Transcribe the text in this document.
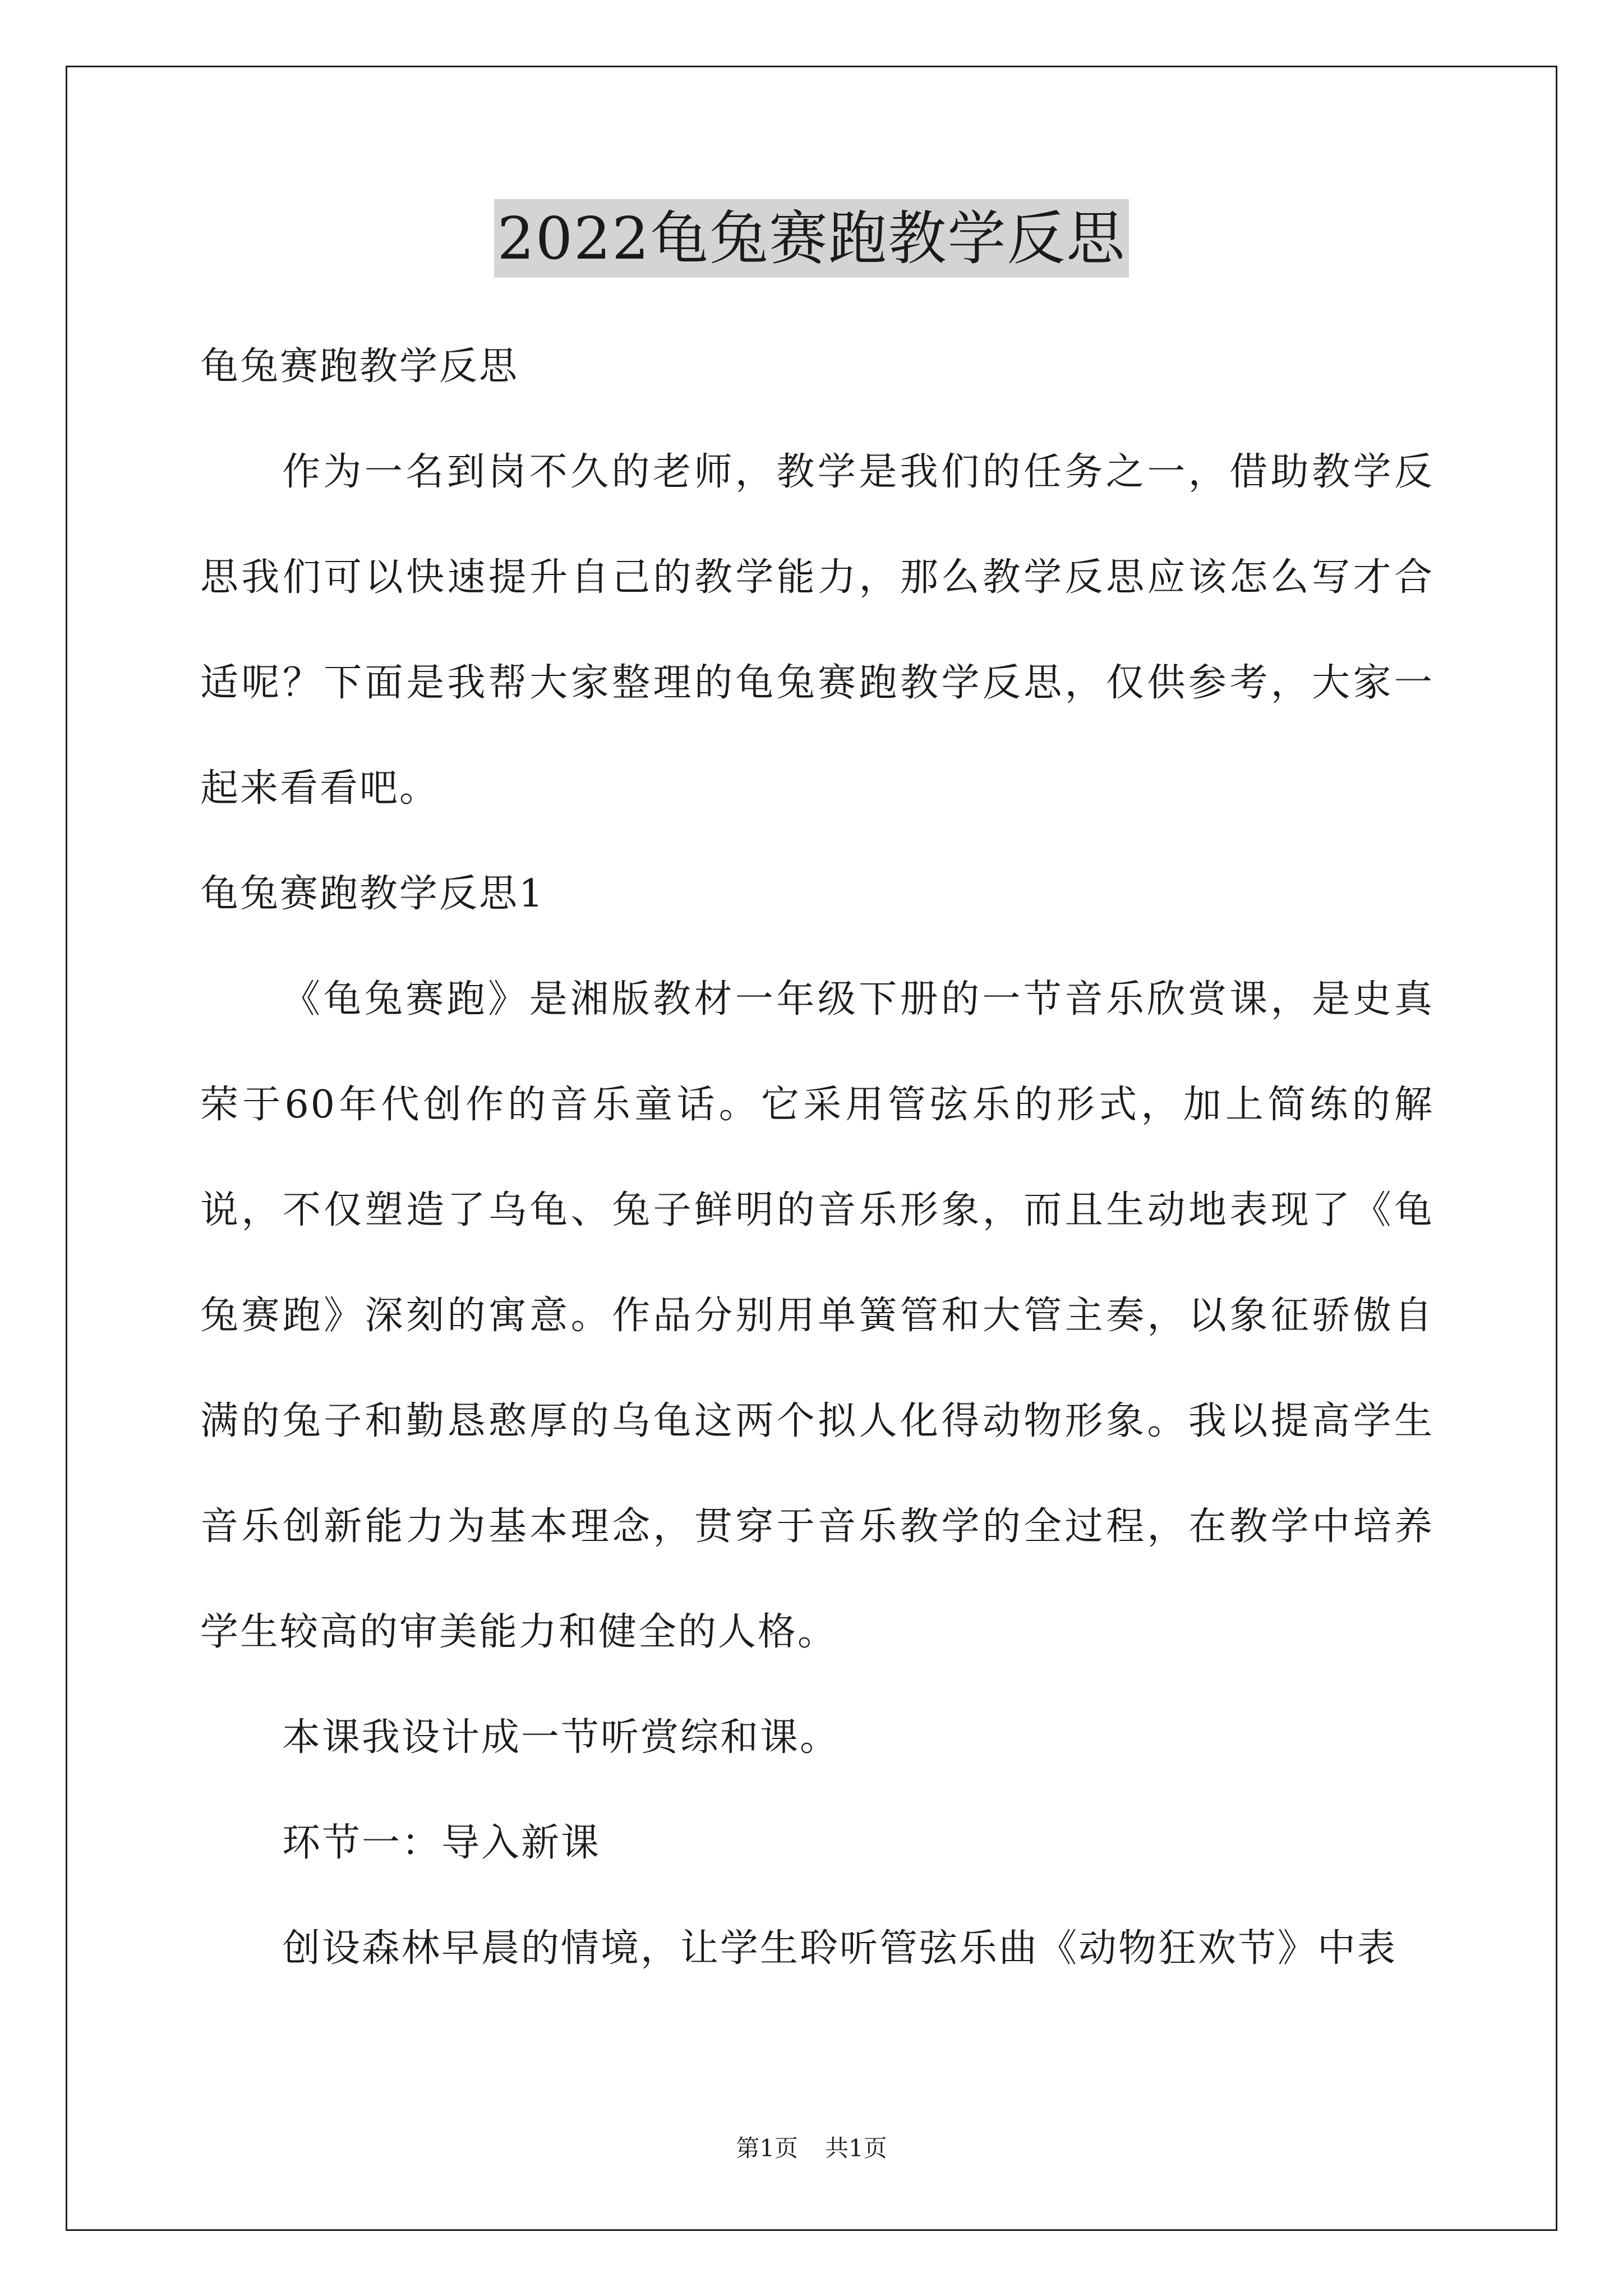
2022龟兔赛跑教学反思

龟兔赛跑教学反思

作为一名到岗不久的老师，教学是我们的任务之一，借助教学反思我们可以快速提升自己的教学能力，那么教学反思应该怎么写才合适呢？下面是我帮大家整理的龟兔赛跑教学反思，仅供参考，大家一起来看看吧。

龟兔赛跑教学反思1

《龟兔赛跑》是湘版教材一年级下册的一节音乐欣赏课，是史真荣于60年代创作的音乐童话。它采用管弦乐的形式，加上简练的解说，不仅塑造了乌龟、兔子鲜明的音乐形象，而且生动地表现了《龟兔赛跑》深刻的寓意。作品分别用单簧管和大管主奏，以象征骄傲自满的兔子和勤恳憨厚的乌龟这两个拟人化得动物形象。我以提高学生音乐创新能力为基本理念，贯穿于音乐教学的全过程，在教学中培养学生较高的审美能力和健全的人格。

本课我设计成一节听赏综和课。

环节一：导入新课

创设森林早晨的情境，让学生聆听管弦乐曲《动物狂欢节》中表

第1页 共1页
